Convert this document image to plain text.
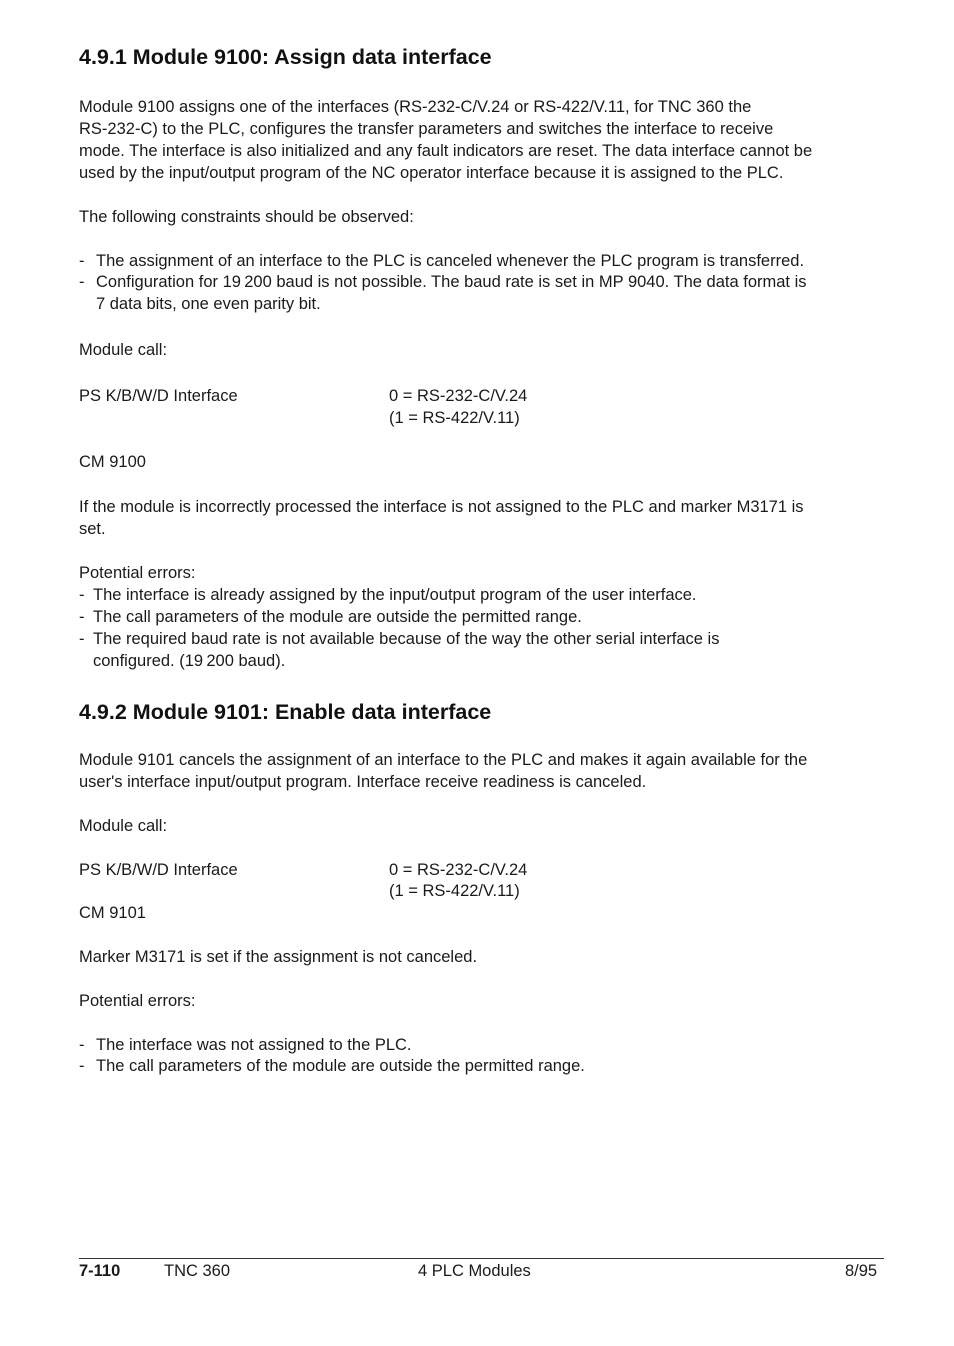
4.9.1 Module 9100: Assign data interface
Module 9100 assigns one of the interfaces (RS-232-C/V.24 or RS-422/V.11, for TNC 360 the
RS-232-C) to the PLC, configures the transfer parameters and switches the interface to receive
mode. The interface is also initialized and any fault indicators are reset. The data interface cannot be
used by the input/output program of the NC operator interface because it is assigned to the PLC.
The following constraints should be observed:
- The assignment of an interface to the PLC is canceled whenever the PLC program is transferred.
- Configuration for 19 200 baud is not possible. The baud rate is set in MP 9040. The data format is
7 data bits, one even parity bit.
Module call:
PS K/B/W/D Interface	0 = RS-232-C/V.24
(1 = RS-422/V.11)
CM 9100
If the module is incorrectly processed the interface is not assigned to the PLC and marker M3171 is
set.
Potential errors:
- The interface is already assigned by the input/output program of the user interface.
- The call parameters of the module are outside the permitted range.
- The required baud rate is not available because of the way the other serial interface is
configured. (19 200 baud).
4.9.2 Module 9101: Enable data interface
Module 9101 cancels the assignment of an interface to the PLC and makes it again available for the
user's interface input/output program. Interface receive readiness is canceled.
Module call:
PS K/B/W/D Interface	0 = RS-232-C/V.24
(1 = RS-422/V.11)
CM 9101
Marker M3171 is set if the assignment is not canceled.
Potential errors:
- The interface was not assigned to the PLC.
- The call parameters of the module are outside the permitted range.
7-110	TNC 360	4 PLC Modules	8/95
